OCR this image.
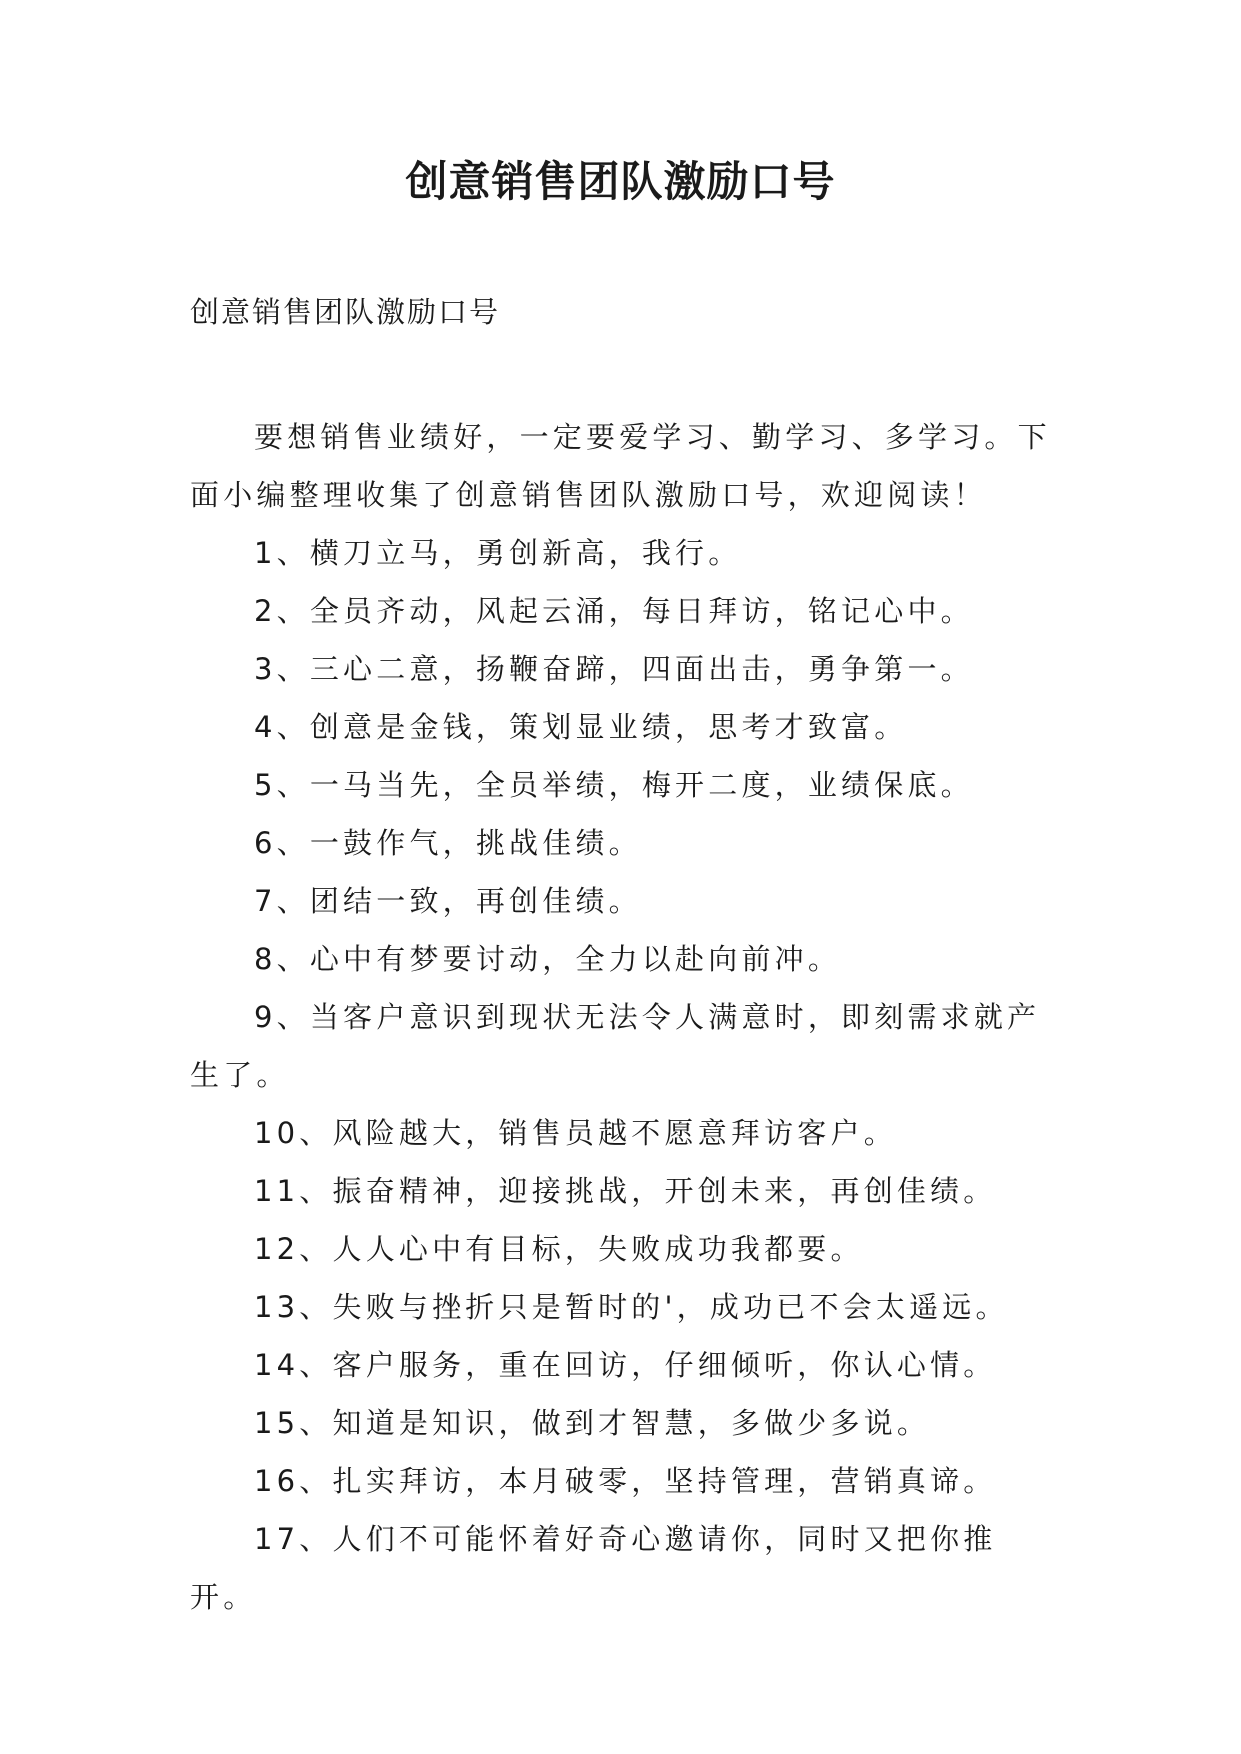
创意销售团队激励口号

创意销售团队激励口号

要想销售业绩好，一定要爱学习、勤学习、多学习。下面小编整理收集了创意销售团队激励口号，欢迎阅读！

1、横刀立马，勇创新高，我行。

2、全员齐动，风起云涌，每日拜访，铭记心中。

3、三心二意，扬鞭奋蹄，四面出击，勇争第一。

4、创意是金钱，策划显业绩，思考才致富。

5、一马当先，全员举绩，梅开二度，业绩保底。

6、一鼓作气，挑战佳绩。

7、团结一致，再创佳绩。

8、心中有梦要讨动，全力以赴向前冲。

9、当客户意识到现状无法令人满意时，即刻需求就产生了。

10、风险越大，销售员越不愿意拜访客户。

11、振奋精神，迎接挑战，开创未来，再创佳绩。

12、人人心中有目标，失败成功我都要。

13、失败与挫折只是暂时的'，成功已不会太遥远。

14、客户服务，重在回访，仔细倾听，你认心情。

15、知道是知识，做到才智慧，多做少多说。

16、扎实拜访，本月破零，坚持管理，营销真谛。

17、人们不可能怀着好奇心邀请你，同时又把你推开。
